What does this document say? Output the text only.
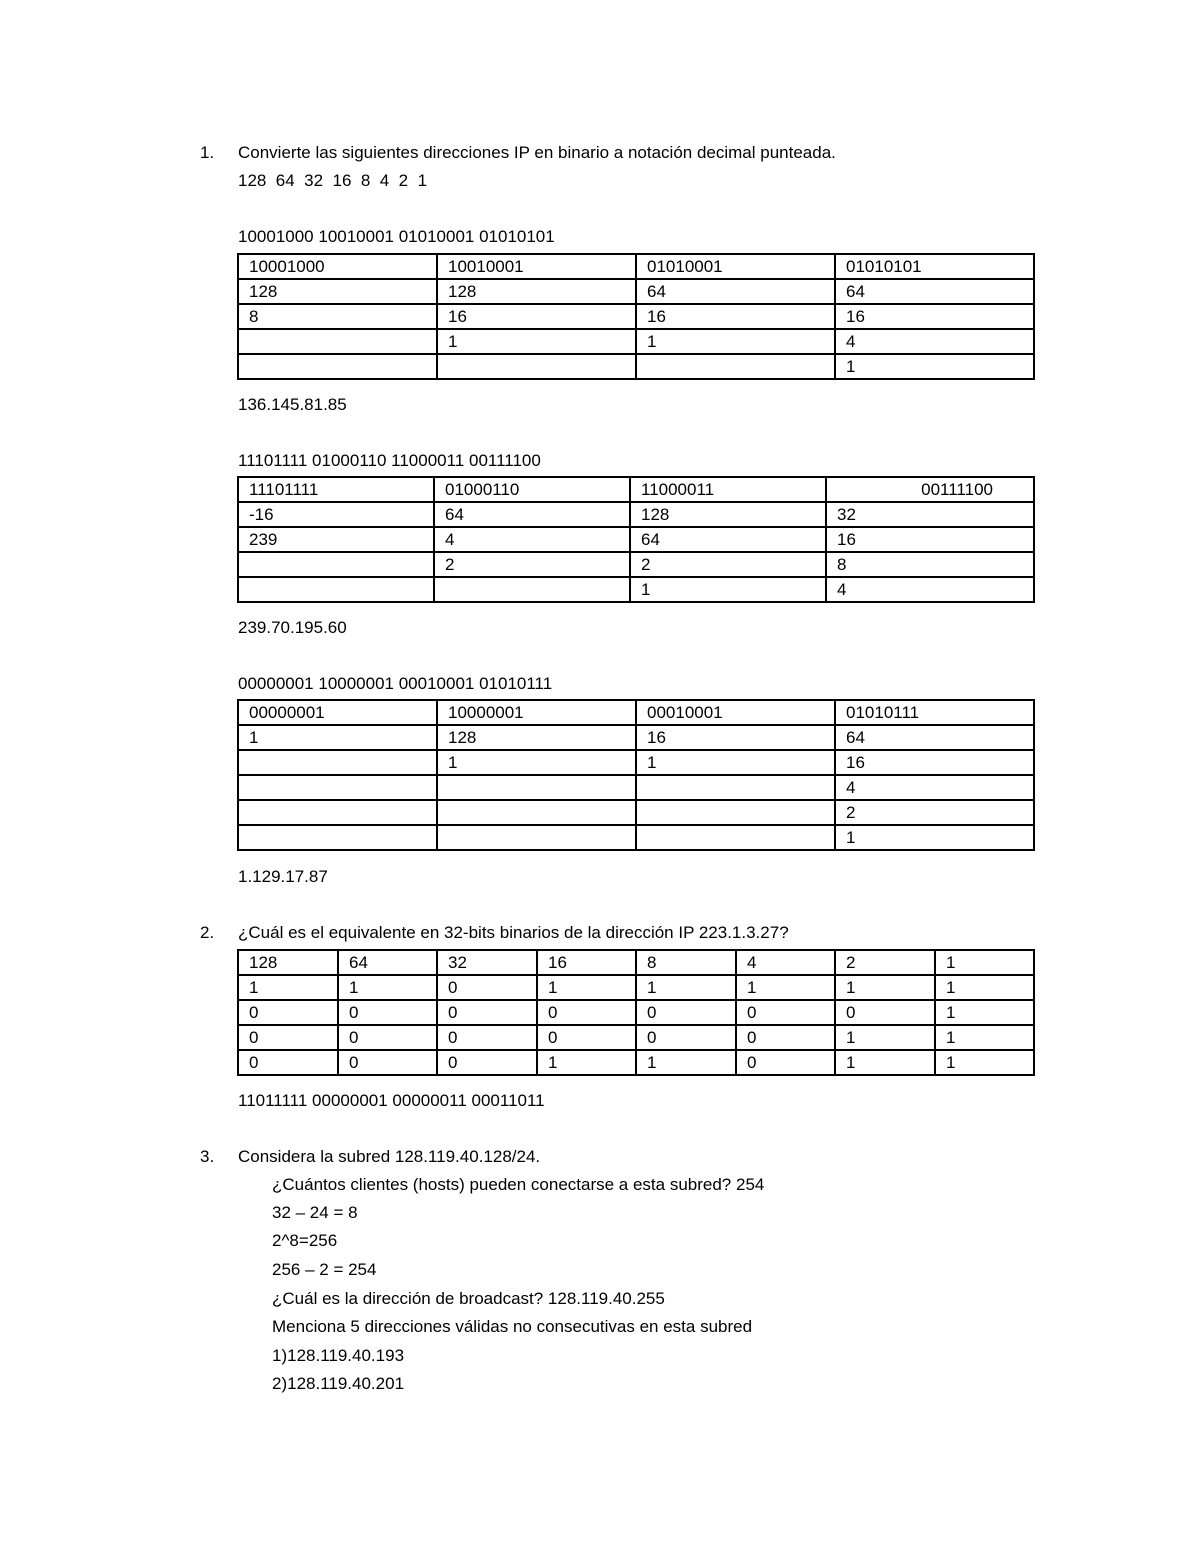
1.	Convierte las siguientes direcciones IP en binario a notación decimal punteada.
128  64  32  16  8  4  2  1
10001000 10010001 01010001 01010101
10001000	10010001	01010001	01010101
128	128	64	64
8	16	16	16
	1	1	4
			1
136.145.81.85
11101111 01000110 11000011 00111100
11101111	01000110	11000011	00111100
-16	64	128	32
239	4	64	16
	2	2	8
		1	4
239.70.195.60
00000001 10000001 00010001 01010111
00000001	10000001	00010001	01010111
1	128	16	64
	1	1	16
			4
			2
			1
1.129.17.87
2.	¿Cuál es el equivalente en 32-bits binarios de la dirección IP 223.1.3.27?
128	64	32	16	8	4	2	1
1	1	0	1	1	1	1	1
0	0	0	0	0	0	0	1
0	0	0	0	0	0	1	1
0	0	0	1	1	0	1	1
11011111 00000001 00000011 00011011
3.	Considera la subred 128.119.40.128/24.
¿Cuántos clientes (hosts) pueden conectarse a esta subred? 254
32 – 24 = 8
2^8=256
256 – 2 = 254
¿Cuál es la dirección de broadcast? 128.119.40.255
Menciona 5 direcciones válidas no consecutivas en esta subred
1)128.119.40.193
2)128.119.40.201
